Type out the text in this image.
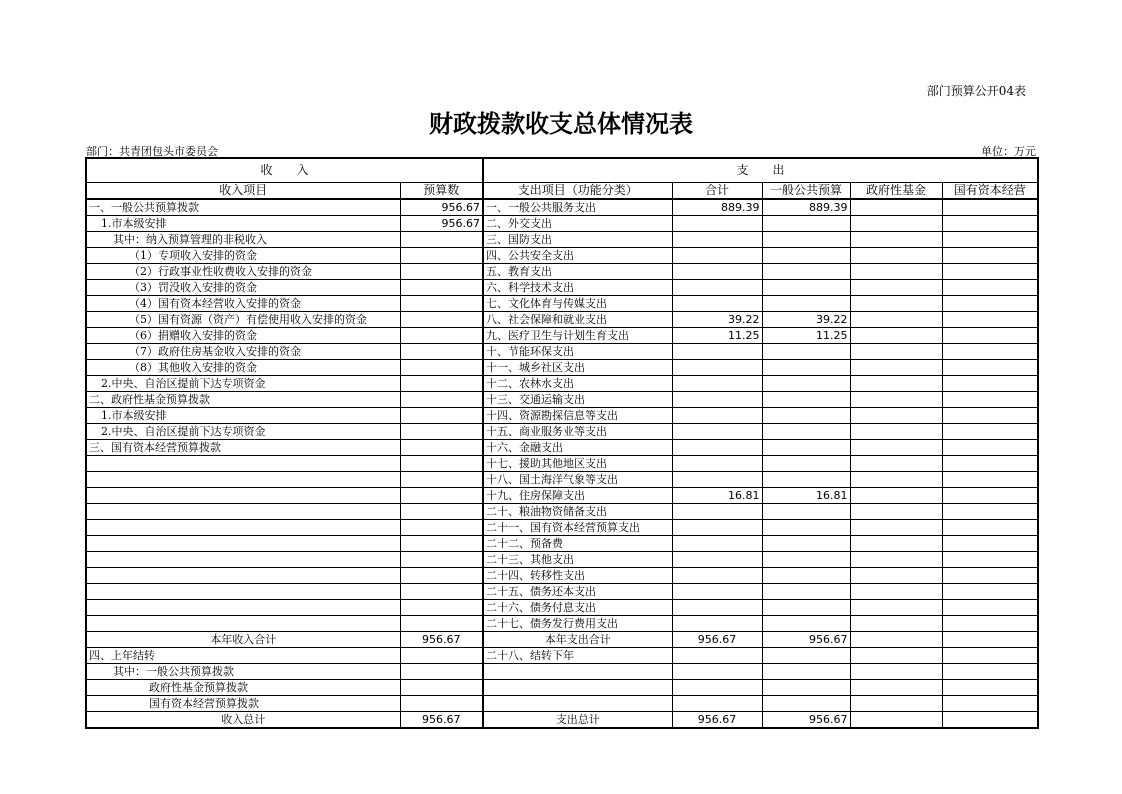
部门预算公开04表
财政拨款收支总体情况表
部门：共青团包头市委员会	单位：万元
收　　入		支　　出				
收入项目	预算数	支出项目（功能分类）	合计	一般公共预算	政府性基金	国有资本经营
一、一般公共预算拨款	956.67	一、一般公共服务支出	889.39	889.39		
1.市本级安排	956.67	二、外交支出				
其中：纳入预算管理的非税收入		三、国防支出				
（1）专项收入安排的资金		四、公共安全支出				
（2）行政事业性收费收入安排的资金		五、教育支出				
（3）罚没收入安排的资金		六、科学技术支出				
（4）国有资本经营收入安排的资金		七、文化体育与传媒支出				
（5）国有资源（资产）有偿使用收入安排的资金		八、社会保障和就业支出	39.22	39.22		
（6）捐赠收入安排的资金		九、医疗卫生与计划生育支出	11.25	11.25		
（7）政府住房基金收入安排的资金		十、节能环保支出				
（8）其他收入安排的资金		十一、城乡社区支出				
2.中央、自治区提前下达专项资金		十二、农林水支出				
二、政府性基金预算拨款		十三、交通运输支出				
1.市本级安排		十四、资源勘探信息等支出				
2.中央、自治区提前下达专项资金		十五、商业服务业等支出				
三、国有资本经营预算拨款		十六、金融支出				
		十七、援助其他地区支出				
		十八、国土海洋气象等支出				
		十九、住房保障支出	16.81	16.81		
		二十、粮油物资储备支出				
		二十一、国有资本经营预算支出				
		二十二、预备费				
		二十三、其他支出				
		二十四、转移性支出				
		二十五、债务还本支出				
		二十六、债务付息支出				
		二十七、债务发行费用支出				
本年收入合计	956.67	本年支出合计	956.67	956.67		
四、上年结转		二十八、结转下年				
其中：一般公共预算拨款						
政府性基金预算拨款						
国有资本经营预算拨款						
收入总计	956.67	支出总计	956.67	956.67		
